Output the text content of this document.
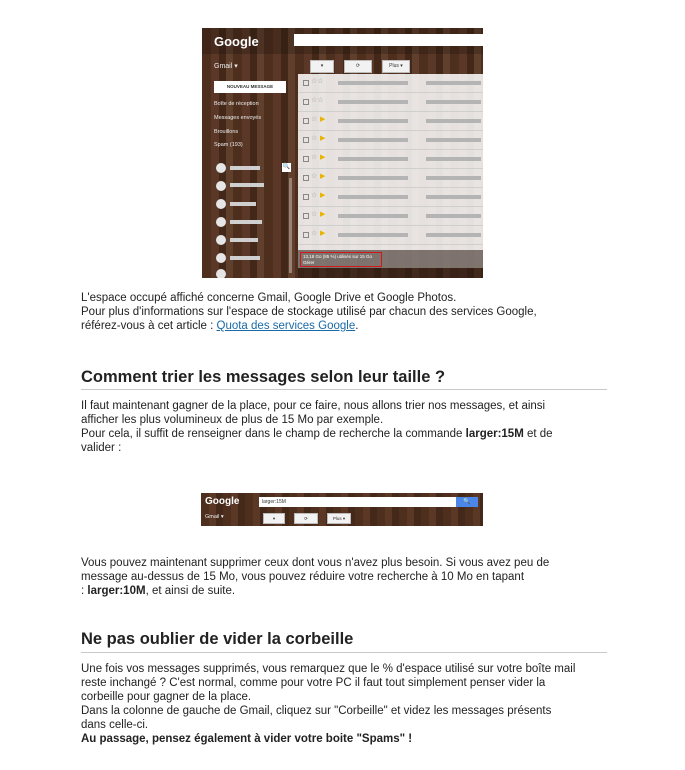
Google
Gmail ▾	▾	⟳	Plus ▾
NOUVEAU MESSAGE
Boîte de réception
Messages envoyés
Brouillons
Spam (193)
🔍
☆☆
☆☆
☆ ▶
☆ ▶
☆ ▶
☆ ▶
☆ ▶
☆ ▶
☆ ▶
13,18 Go (85 %) utilisés sur 15 Go
Gérer

L'espace occupé affiché concerne Gmail, Google Drive et Google Photos.

Pour plus d'informations sur l'espace de stockage utilisé par chacun des services Google,

référez-vous à cet article : Quota des services Google.

Comment trier les messages selon leur taille ?

Il faut maintenant gagner de la place, pour ce faire, nous allons trier nos messages, et ainsi

afficher les plus volumineux de plus de 15 Mo par exemple.

Pour cela, il suffit de renseigner dans le champ de recherche la commande larger:15M et de

valider :

Vous pouvez maintenant supprimer ceux dont vous n'avez plus besoin. Si vous avez peu de

message au-dessus de 15 Mo, vous pouvez réduire votre recherche à 10 Mo en tapant

: larger:10M, et ainsi de suite.

Ne pas oublier de vider la corbeille

Une fois vos messages supprimés, vous remarquez que le % d'espace utilisé sur votre boîte mail

reste inchangé ? C'est normal, comme pour votre PC il faut tout simplement penser vider la

corbeille pour gagner de la place.

Dans la colonne de gauche de Gmail, cliquez sur "Corbeille" et videz les messages présents

dans celle-ci.

Au passage, pensez également à vider votre boite "Spams" !

Google	larger:15M	🔍
Gmail ▾	▾	⟳	Plus ▾
